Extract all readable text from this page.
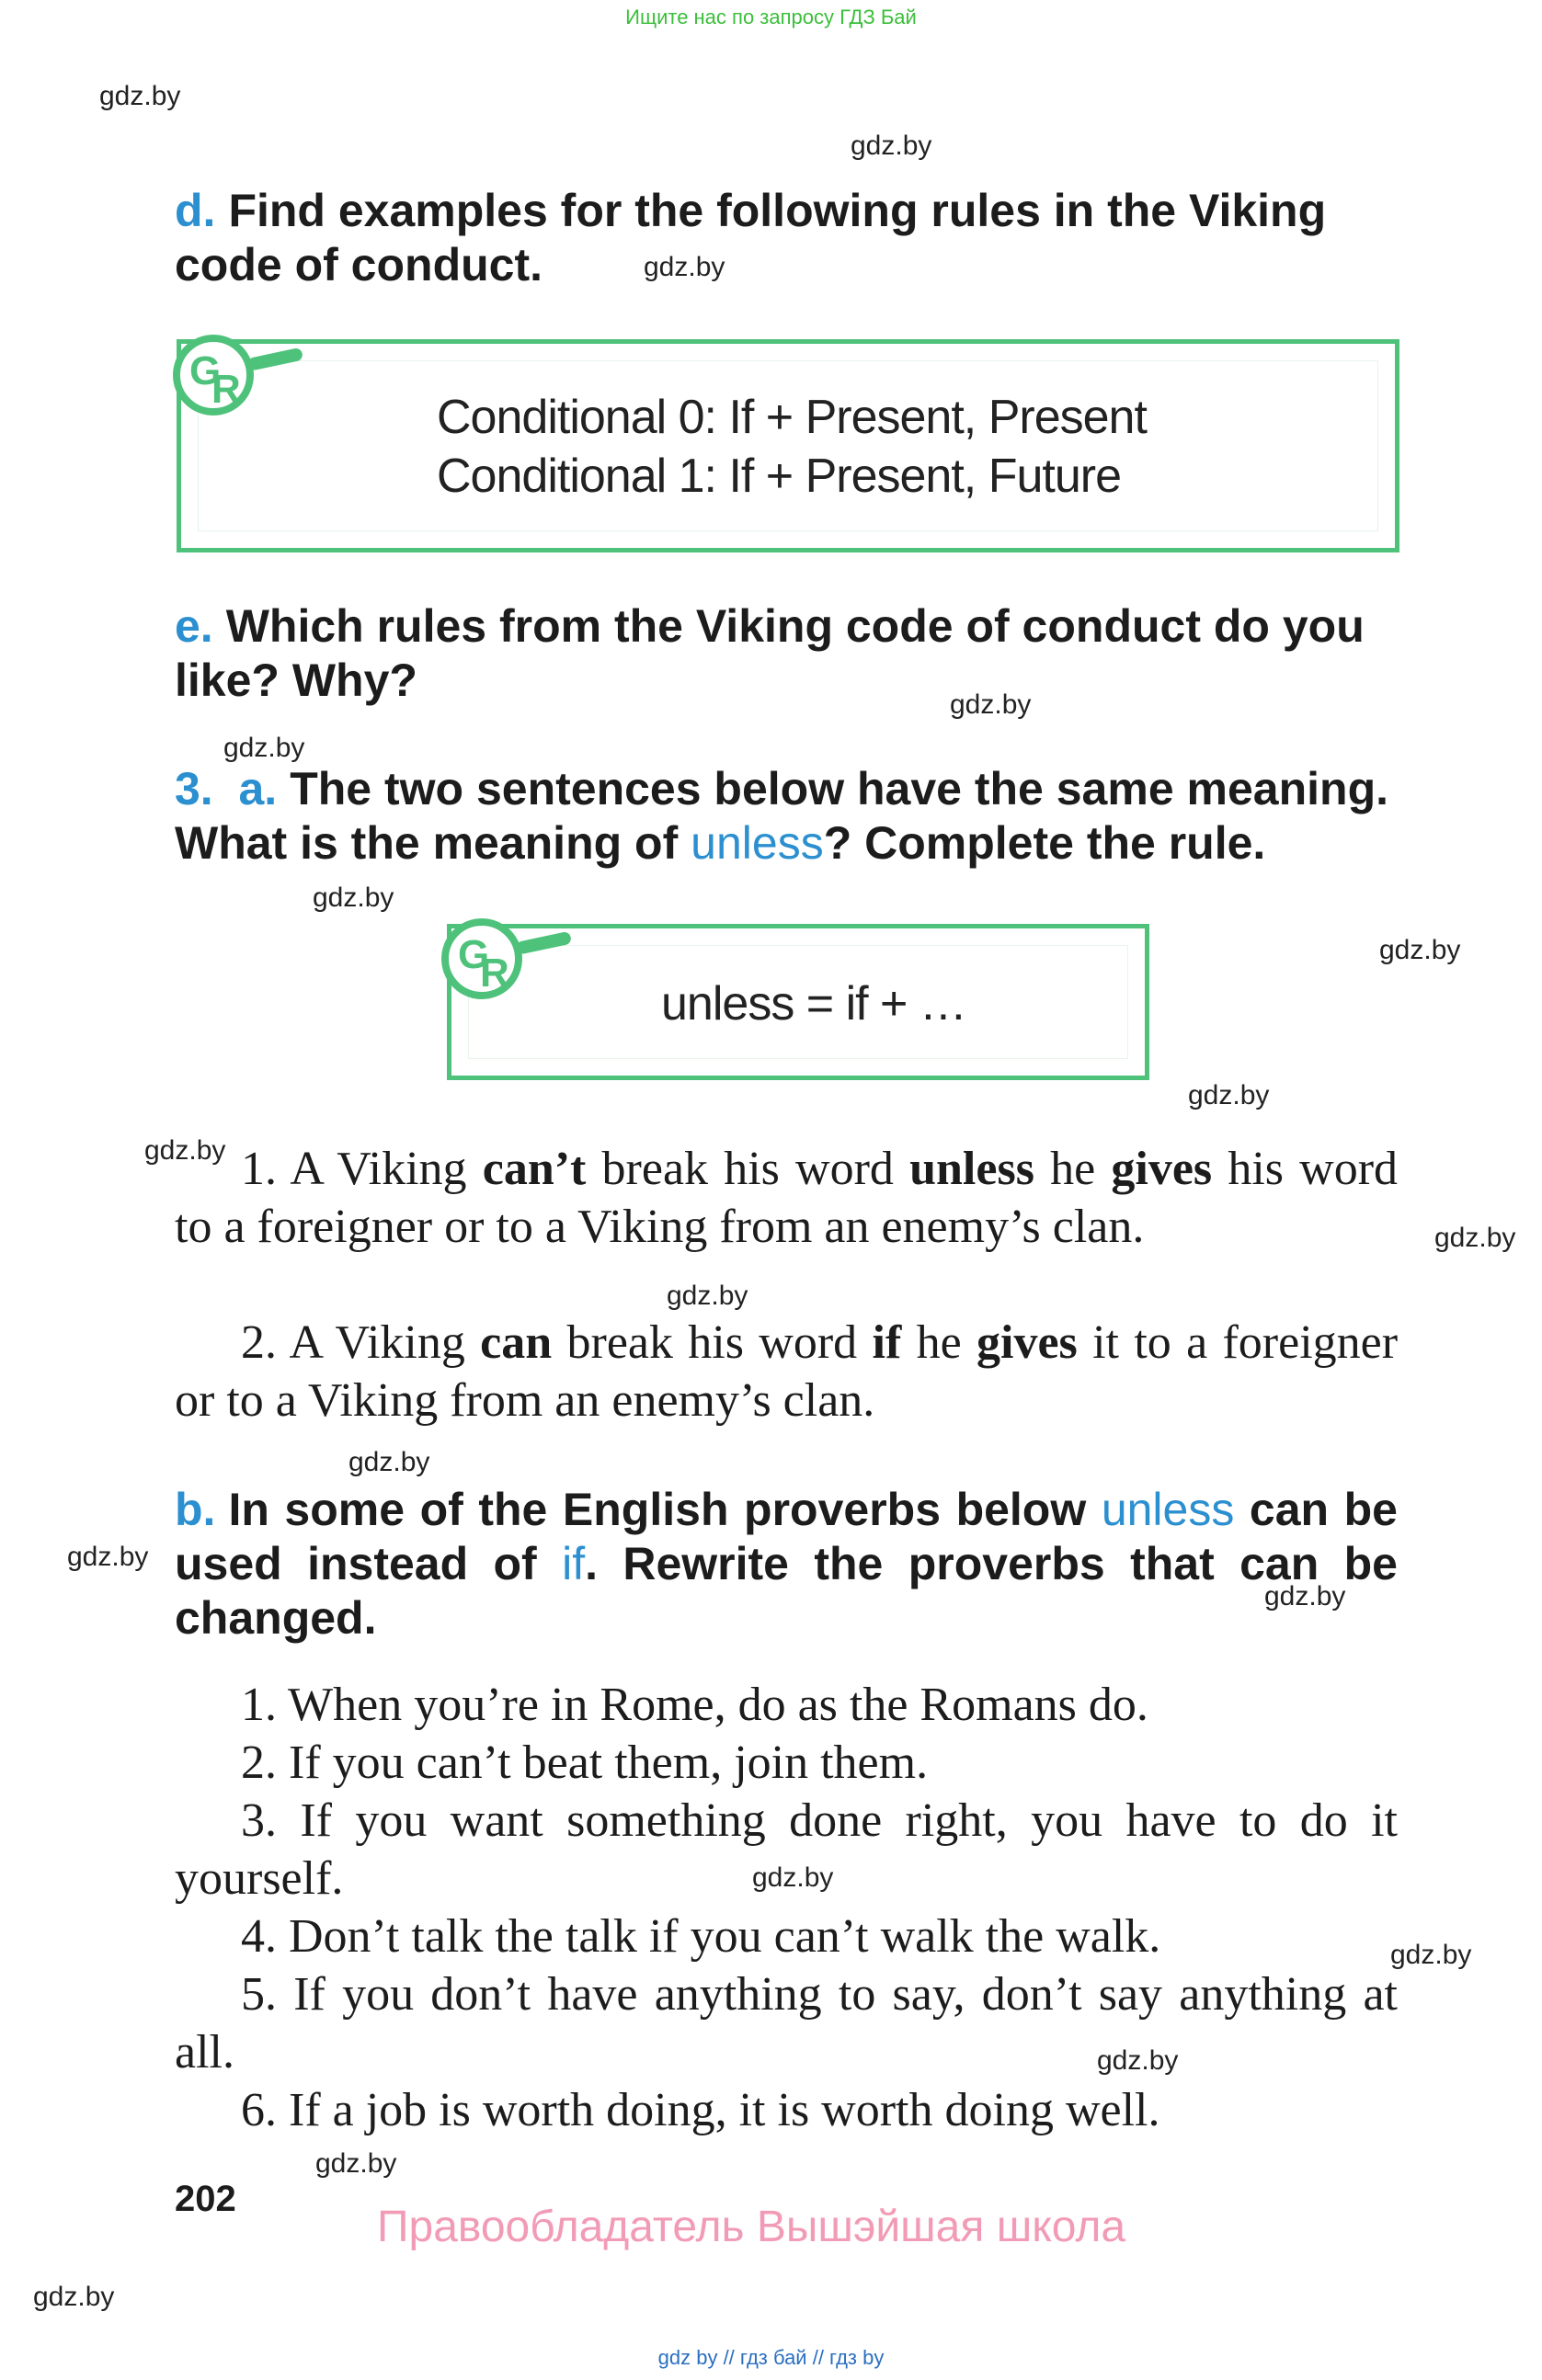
Ищите нас по запросу ГДЗ Бай
gdz.by
gdz.by
gdz.by
gdz.by
gdz.by
gdz.by
gdz.by
gdz.by
gdz.by
gdz.by
gdz.by
gdz.by
gdz.by
gdz.by
gdz.by
gdz.by
gdz.by
gdz.by
gdz.by
d. Find examples for the following rules in the Viking code of conduct.
Conditional 0: If + Present, Present
Conditional 1: If + Present, Future
G
R
e. Which rules from the Viking code of conduct do you like? Why?
3. a. The two sentences below have the same meaning. What is the meaning of unless? Complete the rule.
unless = if + …
G
R
1. A Viking can’t break his word unless he gives his word to a foreigner or to a Viking from an enemy’s clan.
2. A Viking can break his word if he gives it to a foreigner or to a Viking from an enemy’s clan.
b. In some of the English proverbs below unless can be used instead of if. Rewrite the proverbs that can be changed.
1. When you’re in Rome, do as the Romans do.
2. If you can’t beat them, join them.
3. If you want something done right, you have to do it yourself.
4. Don’t talk the talk if you can’t walk the walk.
5. If you don’t have anything to say, don’t say anything at all.
6. If a job is worth doing, it is worth doing well.
202
Правообладатель Вышэйшая школа
gdz by // гдз бай // гдз by
